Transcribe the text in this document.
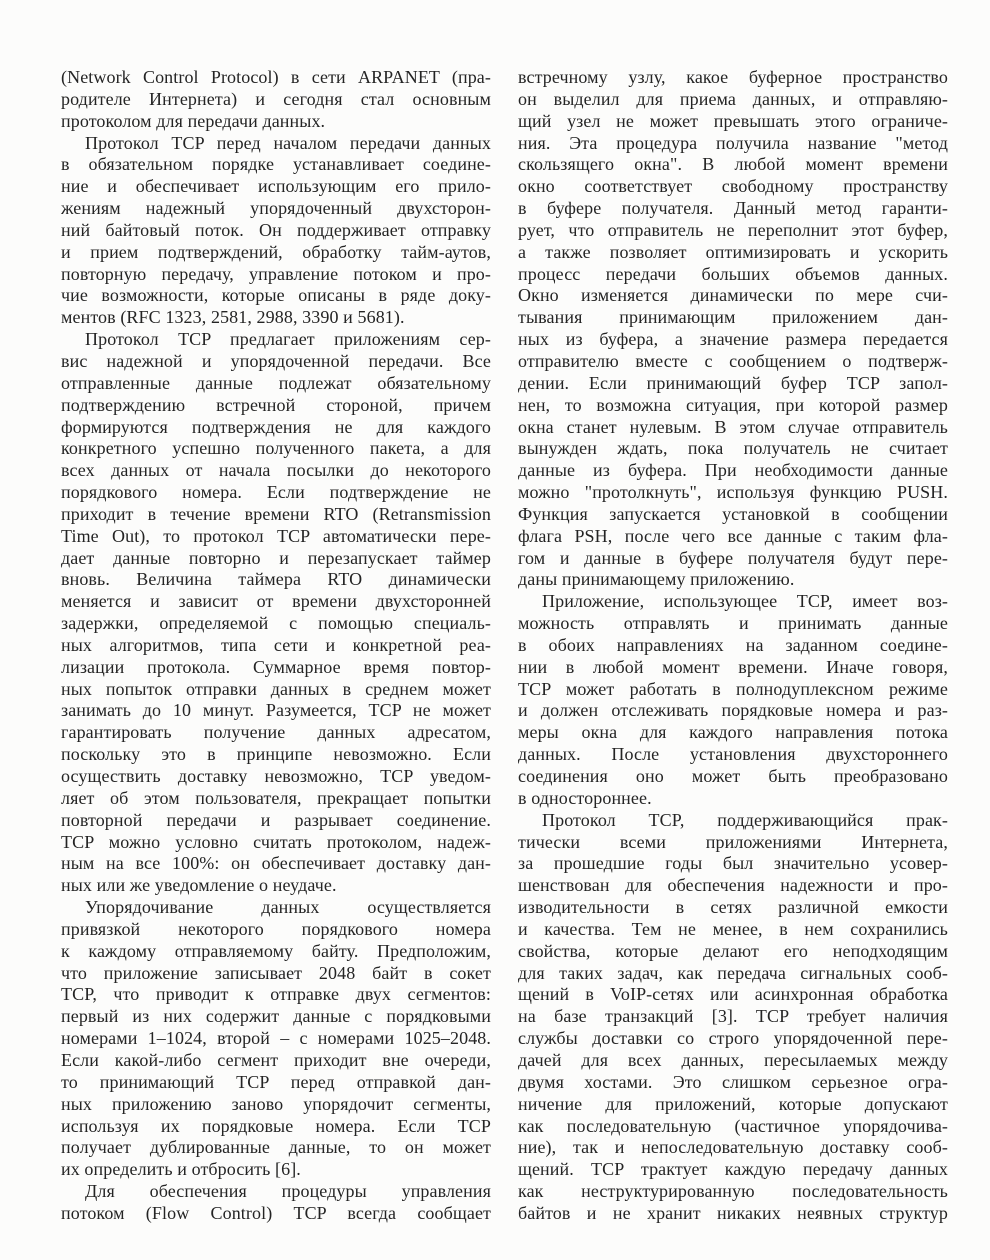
(Network Control Protocol) в сети ARPANET (пра-
родителе Интернета) и сегодня стал основным
протоколом для передачи данных.
Протокол TCP перед началом передачи данных
в обязательном порядке устанавливает соедине-
ние и обеспечивает использующим его прило-
жениям надежный упорядоченный двухсторон-
ний байтовый поток. Он поддерживает отправку
и прием подтверждений, обработку тайм-аутов,
повторную передачу, управление потоком и про-
чие возможности, которые описаны в ряде доку-
ментов (RFC 1323, 2581, 2988, 3390 и 5681).
Протокол TCP предлагает приложениям сер-
вис надежной и упорядоченной передачи. Все
отправленные данные подлежат обязательному
подтверждению встречной стороной, причем
формируются подтверждения не для каждого
конкретного успешно полученного пакета, а для
всех данных от начала посылки до некоторого
порядкового номера. Если подтверждение не
приходит в течение времени RTO (Retransmission
Time Out), то протокол TCP автоматически пере-
дает данные повторно и перезапускает таймер
вновь. Величина таймера RTO динамически
меняется и зависит от времени двухсторонней
задержки, определяемой с помощью специаль-
ных алгоритмов, типа сети и конкретной реа-
лизации протокола. Суммарное время повтор-
ных попыток отправки данных в среднем может
занимать до 10 минут. Разумеется, TCP не может
гарантировать получение данных адресатом,
поскольку это в принципе невозможно. Если
осуществить доставку невозможно, TCP уведом-
ляет об этом пользователя, прекращает попытки
повторной передачи и разрывает соединение.
TCP можно условно считать протоколом, надеж-
ным на все 100%: он обеспечивает доставку дан-
ных или же уведомление о неудаче.
Упорядочивание данных осуществляется
привязкой некоторого порядкового номера
к каждому отправляемому байту. Предположим,
что приложение записывает 2048 байт в сокет
TCP, что приводит к отправке двух сегментов:
первый из них содержит данные с порядковыми
номерами 1–1024, второй – с номерами 1025–2048.
Если какой-либо сегмент приходит вне очереди,
то принимающий TCP перед отправкой дан-
ных приложению заново упорядочит сегменты,
используя их порядковые номера. Если TCP
получает дублированные данные, то он может
их определить и отбросить [6].
Для обеспечения процедуры управления
потоком (Flow Control) TCP всегда сообщает
встречному узлу, какое буферное пространство
он выделил для приема данных, и отправляю-
щий узел не может превышать этого ограниче-
ния. Эта процедура получила название "метод
скользящего окна". В любой момент времени
окно соответствует свободному пространству
в буфере получателя. Данный метод гаранти-
рует, что отправитель не переполнит этот буфер,
а также позволяет оптимизировать и ускорить
процесс передачи больших объемов данных.
Окно изменяется динамически по мере счи-
тывания принимающим приложением дан-
ных из буфера, а значение размера передается
отправителю вместе с сообщением о подтверж-
дении. Если принимающий буфер TCP запол-
нен, то возможна ситуация, при которой размер
окна станет нулевым. В этом случае отправитель
вынужден ждать, пока получатель не считает
данные из буфера. При необходимости данные
можно "протолкнуть", используя функцию PUSH.
Функция запускается установкой в сообщении
флага PSH, после чего все данные с таким фла-
гом и данные в буфере получателя будут пере-
даны принимающему приложению.
Приложение, использующее TCP, имеет воз-
можность отправлять и принимать данные
в обоих направлениях на заданном соедине-
нии в любой момент времени. Иначе говоря,
TCP может работать в полнодуплексном режиме
и должен отслеживать порядковые номера и раз-
меры окна для каждого направления потока
данных. После установления двухстороннего
соединения оно может быть преобразовано
в одностороннее.
Протокол TCP, поддерживающийся прак-
тически всеми приложениями Интернета,
за прошедшие годы был значительно усовер-
шенствован для обеспечения надежности и про-
изводительности в сетях различной емкости
и качества. Тем не менее, в нем сохранились
свойства, которые делают его неподходящим
для таких задач, как передача сигнальных сооб-
щений в VoIP-сетях или асинхронная обработка
на базе транзакций [3]. TCP требует наличия
службы доставки со строго упорядоченной пере-
дачей для всех данных, пересылаемых между
двумя хостами. Это слишком серьезное огра-
ничение для приложений, которые допускают
как последовательную (частичное упорядочива-
ние), так и непоследовательную доставку сооб-
щений. TCP трактует каждую передачу данных
как неструктурированную последовательность
байтов и не хранит никаких неявных структур
